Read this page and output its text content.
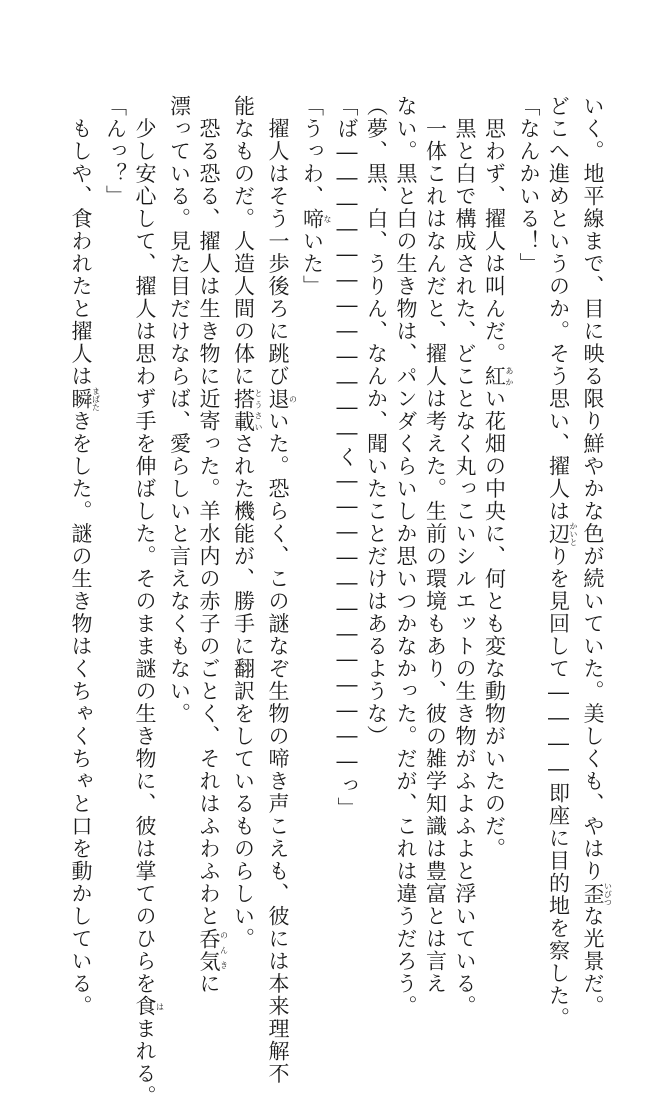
いく。地平線まで、目に映る限り鮮やかな色が続いていた。美しくも、やはり歪いびつな光景だ。

どこへ進めというのか。そう思い、擢人は辺かいとりを見回して――――即座に目的地を察した。

「なんかいる！」

　思わず、擢人は叫んだ。紅あかい花畑の中央に、何とも変な動物がいたのだ。

　黒と白で構成された、どことなく丸っこいシルエットの生き物がふよふよと浮いている。

　一体これはなんだと、擢人は考えた。生前の環境もあり、彼の雑学知識は豊富とは言え

ない。黒と白の生き物は、パンダくらいしか思いつかなかった。だが、これは違うだろう。

（夢、黒、白、うりん、なんか、聞いたことだけはあるような）

「ば――――――――――――く――――――――――――っ」

「うっわ、啼ないた」

　擢人はそう一歩後ろに跳び退のいた。恐らく、この謎なぞ生物の啼き声こえも、彼には本来理解不

能なものだ。人造人間の体に搭載とうさいされた機能が、勝手に翻訳をしているものらしい。

　恐る恐る、擢人は生き物に近寄った。羊水内の赤子のごとく、それはふわふわと呑気のんきに

漂っている。見た目だけならば、愛らしいと言えなくもない。

　少し安心して、擢人は思わず手を伸ばした。そのまま謎の生き物に、彼は掌てのひらを食はまれる。

「んっ？」

　もしや、食われたと擢人は瞬まばたきをした。謎の生き物はくちゃくちゃと口を動かしている。
